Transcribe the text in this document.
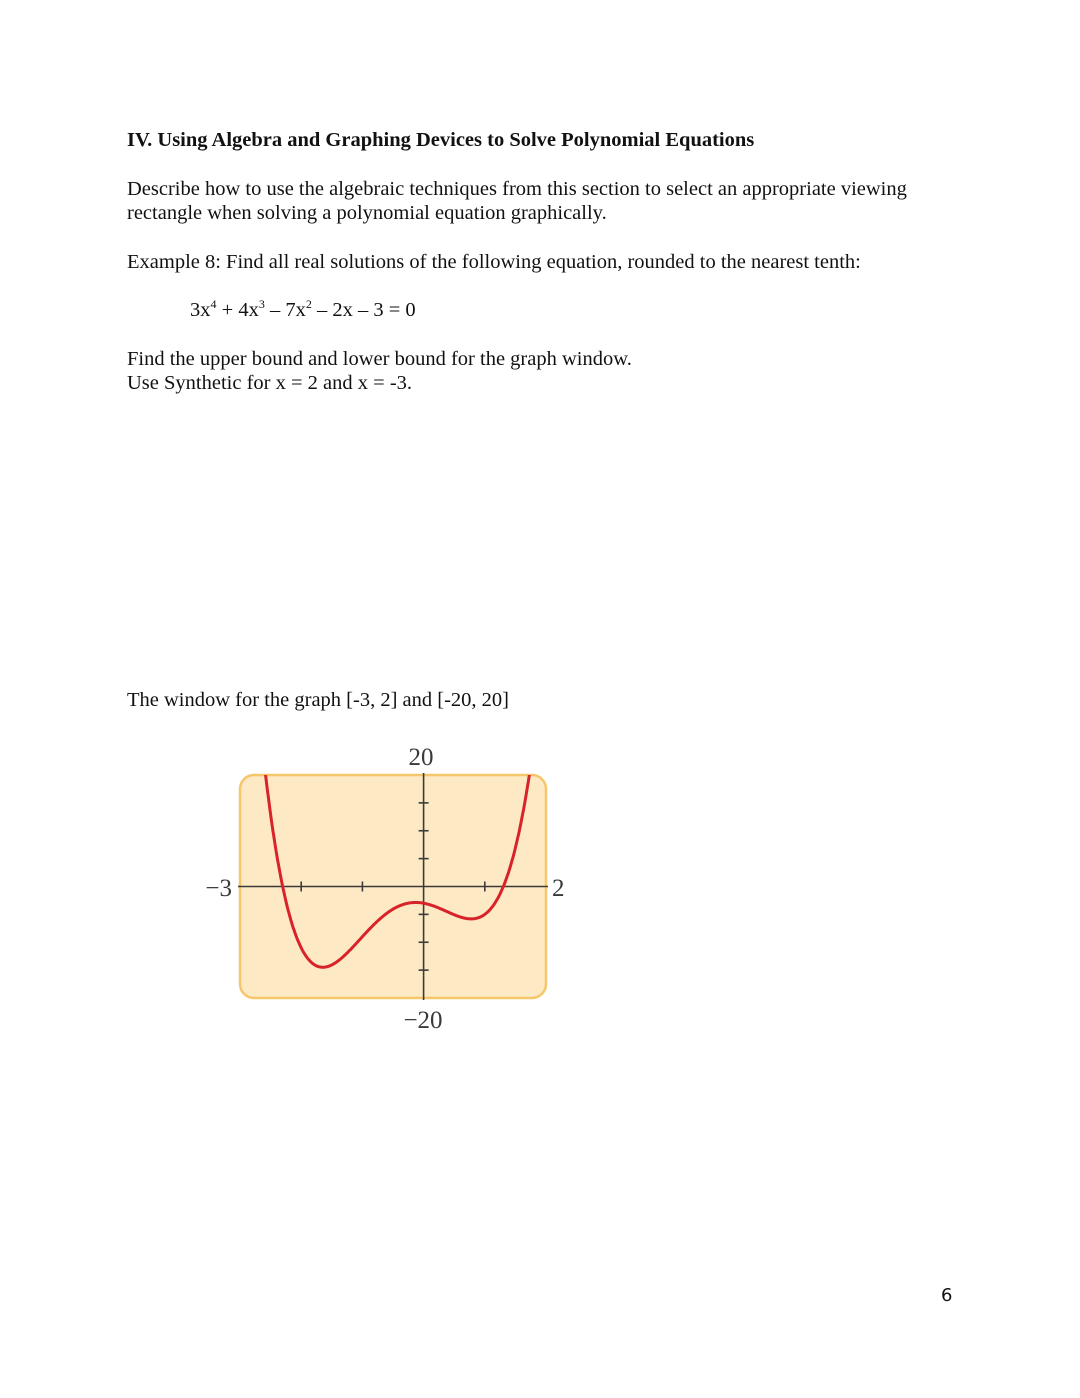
IV. Using Algebra and Graphing Devices to Solve Polynomial Equations
Describe how to use the algebraic techniques from this section to select an appropriate viewing
rectangle when solving a polynomial equation graphically.
Example 8: Find all real solutions of the following equation, rounded to the nearest tenth:
$3x^4 + 4x^3 - 7x^2 - 2x - 3 = 0$
Find the upper bound and lower bound for the graph window.
Use Synthetic for x = 2 and x = -3.
The window for the graph [-3, 2] and [-20, 20]
20
−20
−3	2
6
